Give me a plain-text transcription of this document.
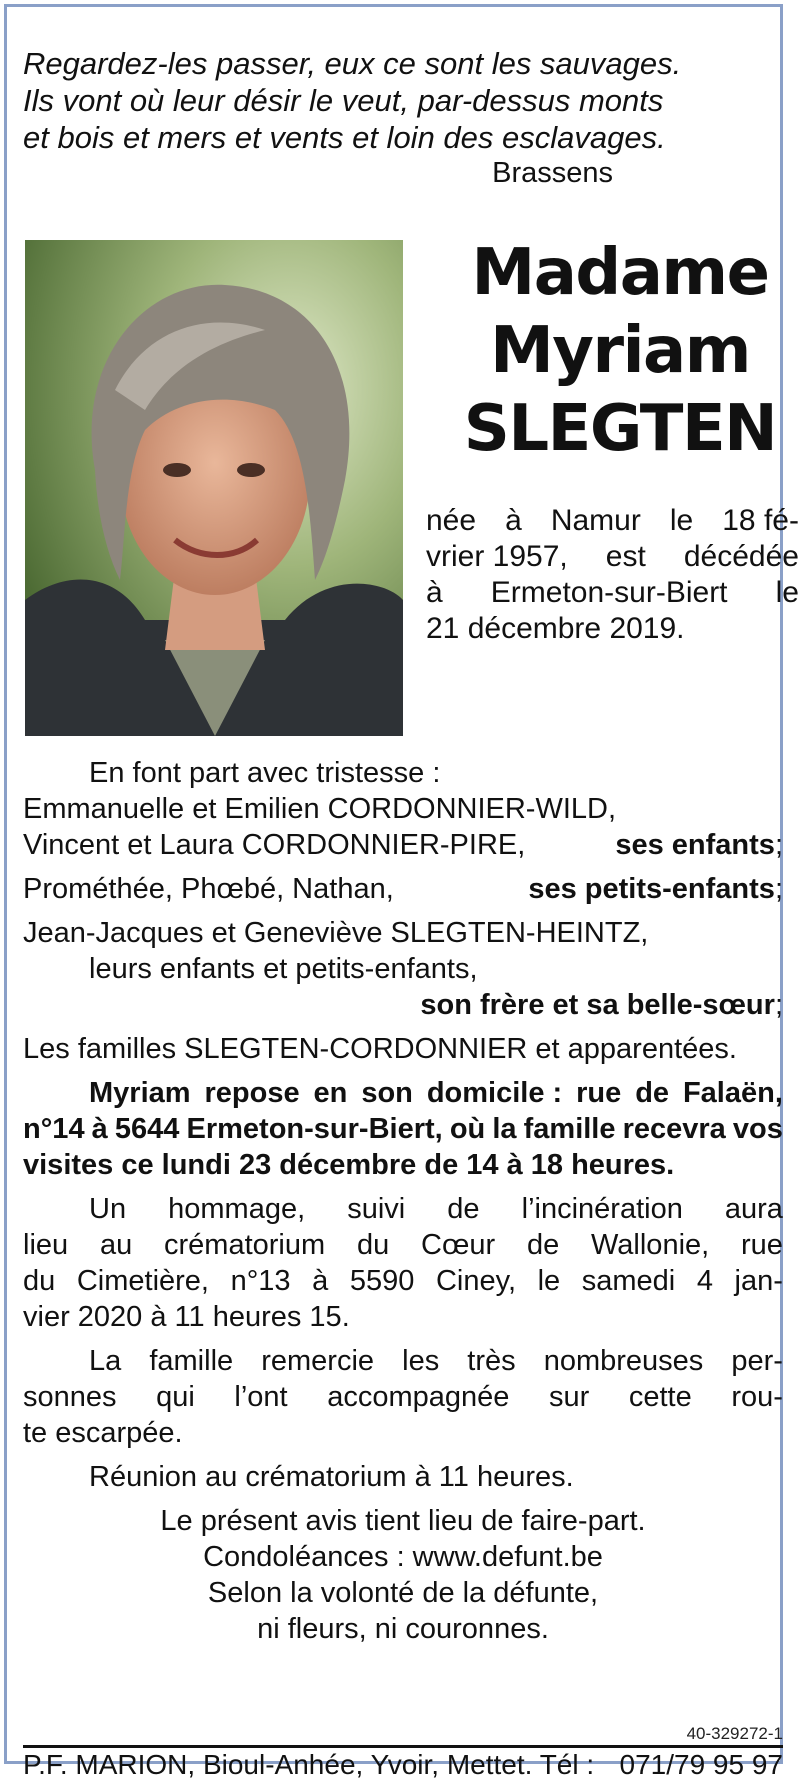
Regardez-les passer, eux ce sont les sauvages.
Ils vont où leur désir le veut, par-dessus monts
et bois et mers et vents et loin des esclavages.
Brassens
Madame
Myriam
SLEGTEN
née à Namur le 18 fé-
vrier 1957, est décédée
à Ermeton-sur-Biert le
21 décembre 2019.
En font part avec tristesse :
Emmanuelle et Emilien CORDONNIER-WILD,
Vincent et Laura CORDONNIER-PIRE,	ses enfants;
Prométhée, Phœbé, Nathan,	ses petits-enfants;
Jean-Jacques et Geneviève SLEGTEN-HEINTZ,
leurs enfants et petits-enfants,
son frère et sa belle-sœur;
Les familles SLEGTEN-CORDONNIER et apparentées.
Myriam repose en son domicile : rue de Falaën,
n°14 à 5644 Ermeton-sur-Biert, où la famille recevra vos
visites ce lundi 23 décembre de 14 à 18 heures.
Un hommage, suivi de l’incinération aura
lieu au crématorium du Cœur de Wallonie, rue
du Cimetière, n°13 à 5590 Ciney, le samedi 4 jan-
vier 2020 à 11 heures 15.
La famille remercie les très nombreuses per-
sonnes qui l’ont accompagnée sur cette rou-
te escarpée.
Réunion au crématorium à 11 heures.
Le présent avis tient lieu de faire-part.
Condoléances : www.defunt.be
Selon la volonté de la défunte,
ni fleurs, ni couronnes.
40-329272-1
P.F. MARION, Bioul-Anhée, Yvoir, Mettet. Tél : 071/79 95 97
